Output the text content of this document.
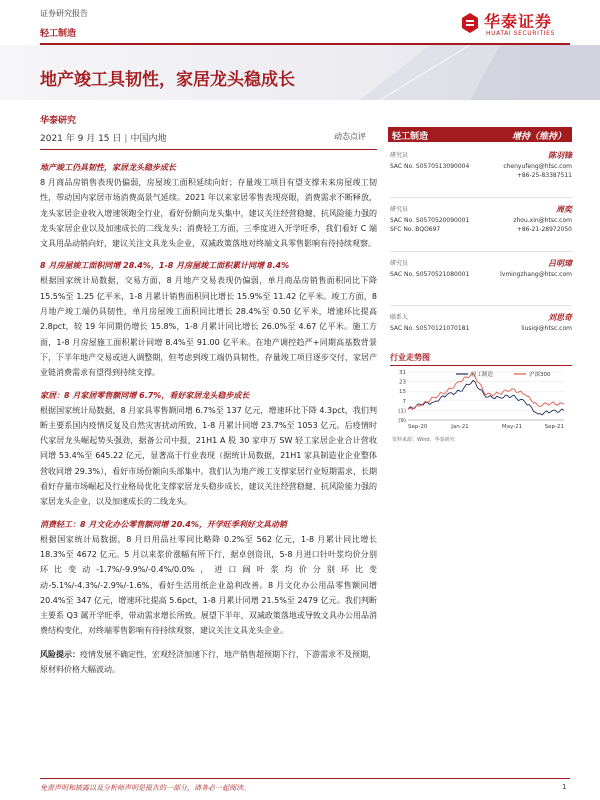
证券研究报告
轻工制造
华泰证券
HUATAI SECURITIES
地产竣工具韧性，家居龙头稳成长
华泰研究
2021 年 9 月 15 日 | 中国内地	动态点评
地产竣工仍具韧性，家居龙头稳步成长
8 月商品房销售表现仍偏弱，房屋竣工面积延续向好；存量竣工项目有望支撑未来房屋竣工韧性，带动国内家居市场消费高景气延续。2021 年以来家居零售表现亮眼，消费需求不断释放，龙头家居企业收入增速领跑全行业，看好份额向龙头集中，建议关注经营稳健、抗风险能力强的龙头家居企业以及加速成长的二线龙头；消费轻工方面，三季度进入开学旺季，我们看好 C 端文具用品动销向好，建议关注文具龙头企业，双减政策落地对终端文具零售影响有待持续观察。
8 月房屋竣工面积同增 28.4%，1-8 月房屋竣工面积累计同增 8.4%
根据国家统计局数据，交易方面，8 月地产交易表现仍偏弱，单月商品房销售面积同比下降 15.5%至 1.25 亿平米，1-8 月累计销售面积同比增长 15.9%至 11.42 亿平米。竣工方面，8 月地产竣工端仍具韧性，单月房屋竣工面积同比增长 28.4%至 0.50 亿平米，增速环比提高 2.8pct，较 19 年同期仍增长 15.8%，1-8 月累计同比增长 26.0%至 4.67 亿平米。施工方面，1-8 月房屋施工面积累计同增 8.4%至 91.00 亿平米。在地产调控趋严+同期高基数背景下，下半年地产交易或进入调整期，但考虑到竣工端仍具韧性，存量竣工项目逐步交付，家居产业链消费需求有望得到持续支撑。
家居：8 月家居零售额同增 6.7%，看好家居龙头稳步成长
根据国家统计局数据，8 月家具零售额同增 6.7%至 137 亿元，增速环比下降 4.3pct，我们判断主要系国内疫情反复及自然灾害扰动所致，1-8 月累计同增 23.7%至 1053 亿元。后疫情时代家居龙头崛起势头强劲，据备公司中报，21H1 A 股 30 家申万 SW 轻工家居企业合计营收同增 53.4%至 645.22 亿元，显著高于行业表现（据统计局数据，21H1 家具制造业企业整体营收同增 29.3%），看好市场份额向头部集中。我们认为地产竣工支撑家居行业短期需求，长期看好存量市场崛起及行业格局优化支撑家居龙头稳步成长，建议关注经营稳健、抗风险能力强的家居龙头企业，以及加速成长的二线龙头。
消费轻工：8 月文化办公零售额同增 20.4%，开学旺季利好文具动销
根据国家统计局数据，8 月日用品社零同比略降 0.2%至 562 亿元，1-8 月累计同比增长 18.3%至 4672 亿元。5 月以来浆价涨幅有所下行，据卓创资讯，5-8 月进口针叶浆均价分别环比变动-1.7%/-9.9%/-0.4%/0.0%，进口阔叶浆均价分别环比变动-5.1%/-4.3%/-2.9%/-1.6%，看好生活用纸企业盈利改善。8 月文化办公用品零售额同增 20.4%至 347 亿元，增速环比提高 5.6pct，1-8 月累计同增 21.5%至 2479 亿元。我们判断主要系 Q3 属开学旺季，带动需求增长所致。展望下半年，双减政策落地或导致文具办公用品消费结构变化，对终端零售影响有待持续观察，建议关注文具龙头企业。
风险提示：疫情发展不确定性，宏观经济加速下行，地产销售超预期下行，下游需求不及预期，原材料价格大幅波动。
轻工制造	增持（维持）
研究员	陈羽锋
SAC No. S0570513090004	chenyufeng@htsc.com
+86-25-83387511
研究员	周奕
SAC No. S0570520090001	zhou.xin@htsc.com
SFC No. BQO697	+86-21-28972050
研究员	吕明璋
SAC No. S0570521080001	lvmingzhang@htsc.com
联系人	刘思奇
SAC No. S0570121070181	liusiqi@htsc.com
行业走势图
(9)
(1)
7
15
23
31
Sep-20	Jan-21	May-21	Sep-21
轻工制造	沪深300
资料来源：Wind，华泰研究
免责声明和披露以及分析师声明是报告的一部分，请务必一起阅读。	1
